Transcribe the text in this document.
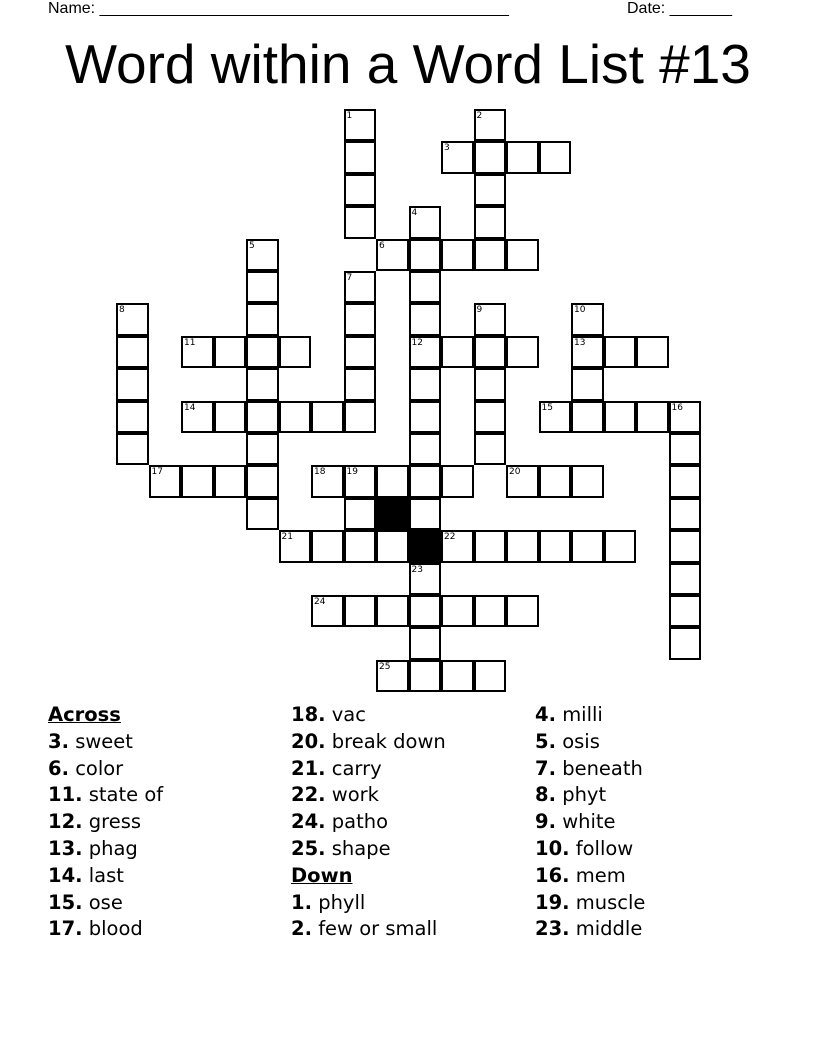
Name: ______________________________________________	Date: _______
Word within a Word List #13
1	2
3
4
12
5	6
7
8	9	10
13
11
14	15	16
17	18 19	20
21	22
23
24
25
Across
3. sweet
6. color
11. state of
12. gress
13. phag
14. last
15. ose
17. blood
18. vac
20. break down
21. carry
22. work
24. patho
25. shape
Down
1. phyll
2. few or small
4. milli
5. osis
7. beneath
8. phyt
9. white
10. follow
16. mem
19. muscle
23. middle
